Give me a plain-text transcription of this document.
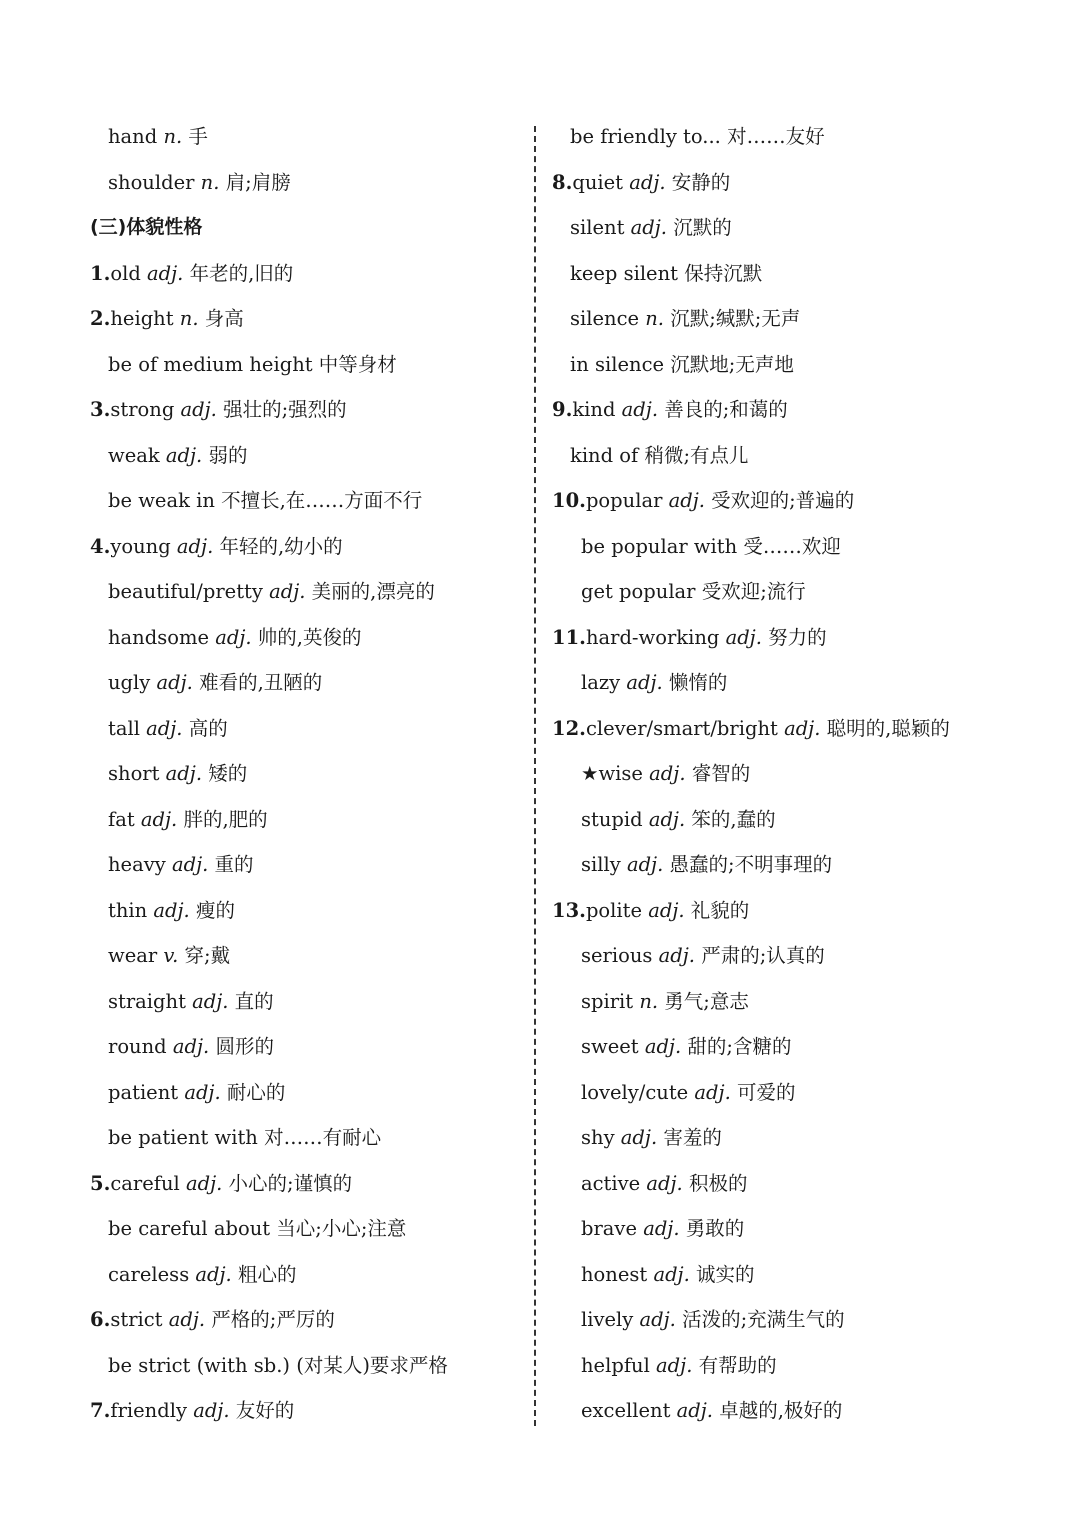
hand n. 手
shoulder n. 肩;肩膀
(三)体貌性格
1.old adj. 年老的,旧的
2.height n. 身高
be of medium height 中等身材
3.strong adj. 强壮的;强烈的
weak adj. 弱的
be weak in 不擅长,在……方面不行
4.young adj. 年轻的,幼小的
beautiful/pretty adj. 美丽的,漂亮的
handsome adj. 帅的,英俊的
ugly adj. 难看的,丑陋的
tall adj. 高的
short adj. 矮的
fat adj. 胖的,肥的
heavy adj. 重的
thin adj. 瘦的
wear v. 穿;戴
straight adj. 直的
round adj. 圆形的
patient adj. 耐心的
be patient with 对……有耐心
5.careful adj. 小心的;谨慎的
be careful about 当心;小心;注意
careless adj. 粗心的
6.strict adj. 严格的;严厉的
be strict (with sb.) (对某人)要求严格
7.friendly adj. 友好的
be friendly to... 对……友好
8.quiet adj. 安静的
silent adj. 沉默的
keep silent 保持沉默
silence n. 沉默;缄默;无声
in silence 沉默地;无声地
9.kind adj. 善良的;和蔼的
kind of 稍微;有点儿
10.popular adj. 受欢迎的;普遍的
be popular with 受……欢迎
get popular 受欢迎;流行
11.hard-working adj. 努力的
lazy adj. 懒惰的
12.clever/smart/bright adj. 聪明的,聪颖的
★wise adj. 睿智的
stupid adj. 笨的,蠢的
silly adj. 愚蠢的;不明事理的
13.polite adj. 礼貌的
serious adj. 严肃的;认真的
spirit n. 勇气;意志
sweet adj. 甜的;含糖的
lovely/cute adj. 可爱的
shy adj. 害羞的
active adj. 积极的
brave adj. 勇敢的
honest adj. 诚实的
lively adj. 活泼的;充满生气的
helpful adj. 有帮助的
excellent adj. 卓越的,极好的
